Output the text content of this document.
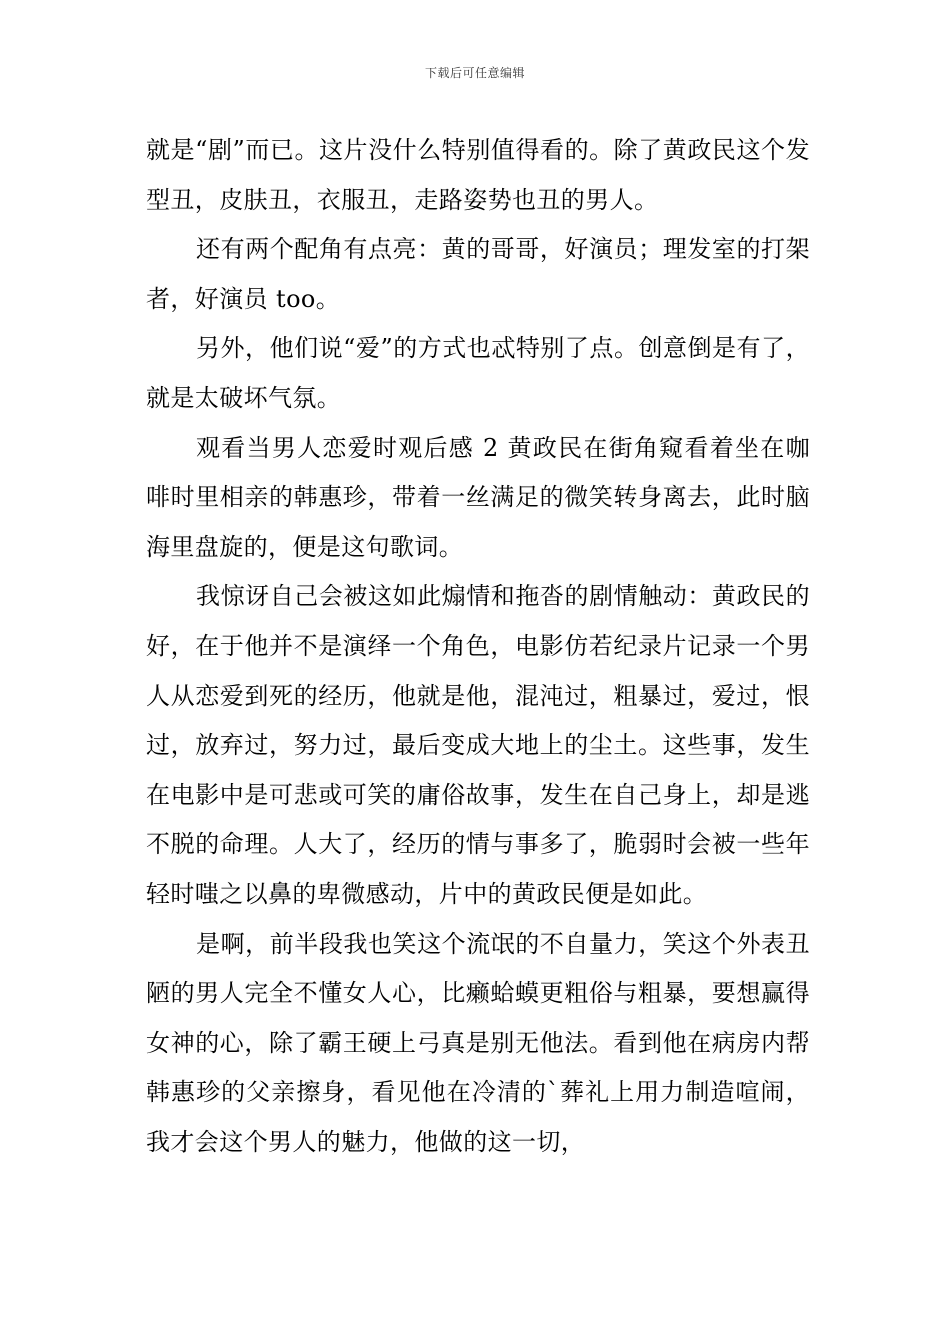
下载后可任意编辑

就是“剧”而已。这片没什么特别值得看的。除了黄政民这个发型丑，皮肤丑，衣服丑，走路姿势也丑的男人。

还有两个配角有点亮：黄的哥哥，好演员；理发室的打架者，好演员 too。

另外，他们说“爱”的方式也忒特别了点。创意倒是有了，就是太破坏气氛。

观看当男人恋爱时观后感 2 黄政民在街角窥看着坐在咖啡时里相亲的韩惠珍，带着一丝满足的微笑转身离去，此时脑海里盘旋的，便是这句歌词。

我惊讶自己会被这如此煽情和拖沓的剧情触动：黄政民的好，在于他并不是演绎一个角色，电影仿若纪录片记录一个男人从恋爱到死的经历，他就是他，混沌过，粗暴过，爱过，恨过，放弃过，努力过，最后变成大地上的尘土。这些事，发生在电影中是可悲或可笑的庸俗故事，发生在自己身上，却是逃不脱的命理。人大了，经历的情与事多了，脆弱时会被一些年轻时嗤之以鼻的卑微感动，片中的黄政民便是如此。

是啊，前半段我也笑这个流氓的不自量力，笑这个外表丑陋的男人完全不懂女人心，比癞蛤蟆更粗俗与粗暴，要想赢得女神的心，除了霸王硬上弓真是别无他法。看到他在病房内帮韩惠珍的父亲擦身，看见他在冷清的`葬礼上用力制造喧闹，我才会这个男人的魅力，他做的这一切，
